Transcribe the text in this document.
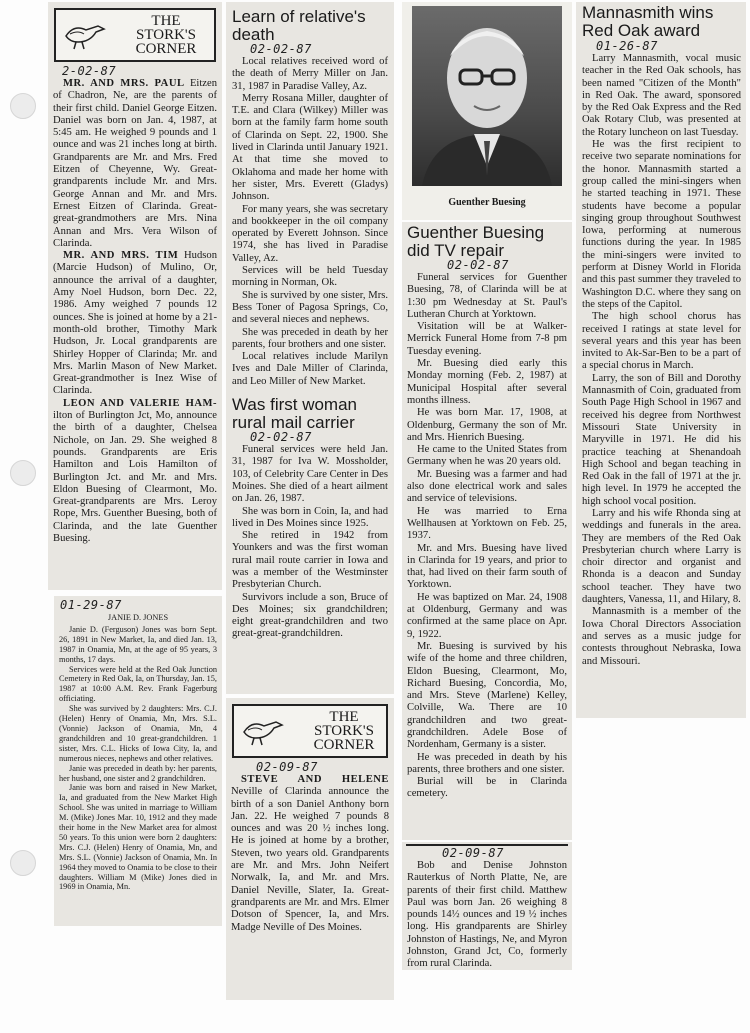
THE
STORK'S
CORNER
2-02-87

MR. AND MRS. PAUL Eitzen of Chadron, Ne, are the parents of their first child. Daniel George Eitzen. Daniel was born on Jan. 4, 1987, at 5:45 am. He weighed 9 pounds and 1 ounce and was 21 inches long at birth. Grandparents are Mr. and Mrs. Fred Eitzen of Cheyenne, Wy. Great-grandparents include Mr. and Mrs. George Annan and Mr. and Mrs. Ernest Eitzen of Clarinda. Great-great-grandmothers are Mrs. Nina Annan and Mrs. Vera Wilson of Clarinda.

MR. AND MRS. TIM Hudson (Marcie Hudson) of Mulino, Or, announce the arrival of a daughter, Amy Noel Hudson, born Dec. 22, 1986. Amy weighed 7 pounds 12 ounces. She is joined at home by a 21-month-old brother, Timothy Mark Hudson, Jr. Local grandparents are Shirley Hopper of Clarinda; Mr. and Mrs. Marlin Mason of New Market. Great-grandmother is Inez Wise of Clarinda.

LEON AND VALERIE HAM- ilton of Burlington Jct, Mo, announce the birth of a daughter, Chelsea Nichole, on Jan. 29. She weighed 8 pounds. Grandparents are Eris Hamilton and Lois Hamilton of Burlington Jct. and Mr. and Mrs. Eldon Buesing of Clearmont, Mo. Great-grandparents are Mrs. Leroy Rope, Mrs. Guenther Buesing, both of Clarinda, and the late Guenther Buesing.

01-29-87
JANIE D. JONES

Janie D. (Ferguson) Jones was born Sept. 26, 1891 in New Market, Ia, and died Jan. 13, 1987 in Onamia, Mn, at the age of 95 years, 3 months, 17 days.

Services were held at the Red Oak Junction Cemetery in Red Oak, Ia, on Thursday, Jan. 15, 1987 at 10:00 A.M. Rev. Frank Fagerburg officiating.

She was survived by 2 daughters: Mrs. C.J. (Helen) Henry of Onamia, Mn, Mrs. S.L. (Vonnie) Jackson of Onamia, Mn, 4 grandchildren and 10 great-grandchildren. 1 sister, Mrs. C.L. Hicks of Iowa City, Ia, and numerous nieces, nephews and other relatives.

Janie was preceded in death by: her parents, her husband, one sister and 2 grandchildren.

Janie was born and raised in New Market, Ia, and graduated from the New Market High School. She was united in marriage to William M. (Mike) Jones Mar. 10, 1912 and they made their home in the New Market area for almost 50 years. To this union were born 2 daughters: Mrs. C.J. (Helen) Henry of Onamia, Mn, and Mrs. S.L. (Vonnie) Jackson of Onamia, Mn. In 1964 they moved to Onamia to be close to their daughters. William M (Mike) Jones died in 1969 in Onamia, Mn.

Learn of relative's death
02-02-87

Local relatives received word of the death of Merry Miller on Jan. 31, 1987 in Paradise Valley, Az.

Merry Rosana Miller, daughter of T.E. and Clara (Wilkey) Miller was born at the family farm home south of Clarinda on Sept. 22, 1900. She lived in Clarinda until January 1921. At that time she moved to Oklahoma and made her home with her sister, Mrs. Everett (Gladys) Johnson.

For many years, she was secretary and bookkeeper in the oil company operated by Everett Johnson. Since 1974, she has lived in Paradise Valley, Az.

Services will be held Tuesday morning in Norman, Ok.

She is survived by one sister, Mrs. Bess Toner of Pagosa Springs, Co, and several nieces and nephews.

She was preceded in death by her parents, four brothers and one sister.

Local relatives include Marilyn Ives and Dale Miller of Clarinda, and Leo Miller of New Market.

Was first woman rural mail carrier
02-02-87

Funeral services were held Jan. 31, 1987 for Iva W. Mossholder, 103, of Celebrity Care Center in Des Moines. She died of a heart ailment on Jan. 26, 1987.

She was born in Coin, Ia, and had lived in Des Moines since 1925.

She retired in 1942 from Younkers and was the first woman rural mail route carrier in Iowa and was a member of the Westminster Presbyterian Church.

Survivors include a son, Bruce of Des Moines; six grandchildren; eight great-grandchildren and two great-great-grandchildren.

THE
STORK'S
CORNER
02-09-87

STEVE AND HELENE Neville of Clarinda announce the birth of a son Daniel Anthony born Jan. 22. He weighed 7 pounds 8 ounces and was 20 ½ inches long. He is joined at home by a brother, Steven, two years old. Grandparents are Mr. and Mrs. John Neifert Norwalk, Ia, and Mr. and Mrs. Daniel Neville, Slater, Ia. Great-grandparents are Mr. and Mrs. Elmer Dotson of Spencer, Ia, and Mrs. Madge Neville of Des Moines.

Guenther Buesing
Guenther Buesing did TV repair
02-02-87

Funeral services for Guenther Buesing, 78, of Clarinda will be at 1:30 pm Wednesday at St. Paul's Lutheran Church at Yorktown.

Visitation will be at Walker-Merrick Funeral Home from 7-8 pm Tuesday evening.

Mr. Buesing died early this Monday morning (Feb. 2, 1987) at Municipal Hospital after several months illness.

He was born Mar. 17, 1908, at Oldenburg, Germany the son of Mr. and Mrs. Hienrich Buesing.

He came to the United States from Germany when he was 20 years old.

Mr. Buesing was a farmer and had also done electrical work and sales and service of televisions.

He was married to Erna Wellhausen at Yorktown on Feb. 25, 1937.

Mr. and Mrs. Buesing have lived in Clarinda for 19 years, and prior to that, had lived on their farm south of Yorktown.

He was baptized on Mar. 24, 1908 at Oldenburg, Germany and was confirmed at the same place on Apr. 9, 1922.

Mr. Buesing is survived by his wife of the home and three children, Eldon Buesing, Clearmont, Mo, Richard Buesing, Concordia, Mo, and Mrs. Steve (Marlene) Kelley, Colville, Wa. There are 10 grandchildren and two great-grandchildren. Adele Bose of Nordenham, Germany is a sister.

He was preceded in death by his parents, three brothers and one sister.

Burial will be in Clarinda cemetery.

02-09-87

Bob and Denise Johnston Rauterkus of North Platte, Ne, are parents of their first child. Matthew Paul was born Jan. 26 weighing 8 pounds 14½ ounces and 19 ½ inches long. His grandparents are Shirley Johnston of Hastings, Ne, and Myron Johnston, Grand Jct, Co, formerly from rural Clarinda.

Mannasmith wins Red Oak award
01-26-87

Larry Mannasmith, vocal music teacher in the Red Oak schools, has been named "Citizen of the Month" in Red Oak. The award, sponsored by the Red Oak Express and the Red Oak Rotary Club, was presented at the Rotary luncheon on last Tuesday.

He was the first recipient to receive two separate nominations for the honor. Mannasmith started a group called the mini-singers when he started teaching in 1971. These students have become a popular singing group throughout Southwest Iowa, performing at numerous functions during the year. In 1985 the mini-singers were invited to perform at Disney World in Florida and this past summer they traveled to Washington D.C. where they sang on the steps of the Capitol.

The high school chorus has received I ratings at state level for several years and this year has been invited to Ak-Sar-Ben to be a part of a special chorus in March.

Larry, the son of Bill and Dorothy Mannasmith of Coin, graduated from South Page High School in 1967 and received his degree from Northwest Missouri State University in Maryville in 1971. He did his practice teaching at Shenandoah High School and began teaching in Red Oak in the fall of 1971 at the jr. high level. In 1979 he accepted the high school vocal position.

Larry and his wife Rhonda sing at weddings and funerals in the area. They are members of the Red Oak Presbyterian church where Larry is choir director and organist and Rhonda is a deacon and Sunday school teacher. They have two daughters, Vanessa, 11, and Hilary, 8.

Mannasmith is a member of the Iowa Choral Directors Association and serves as a music judge for contests throughout Nebraska, Iowa and Missouri.
